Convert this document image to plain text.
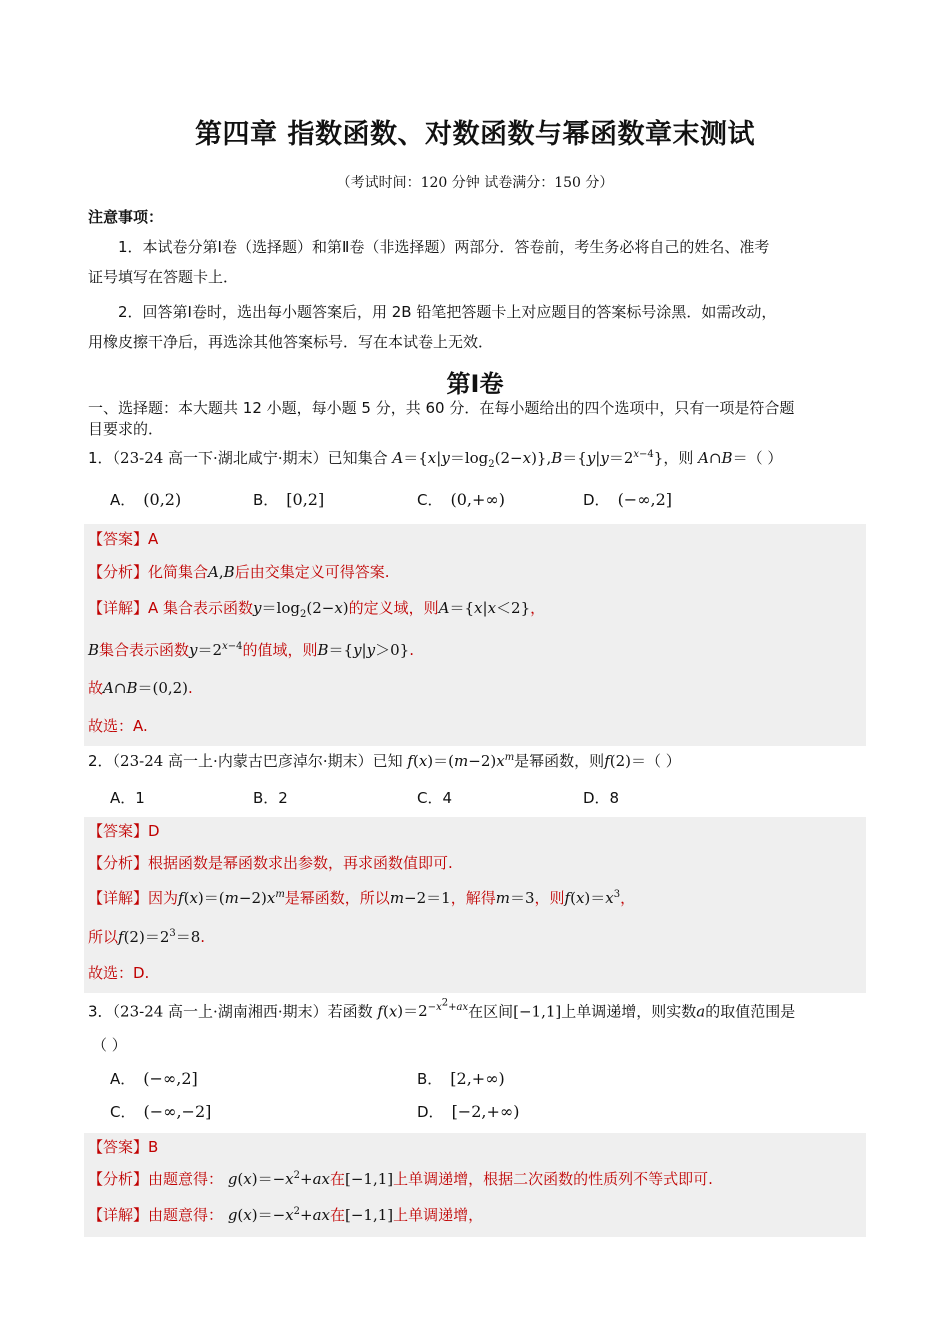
第四章 指数函数、对数函数与幂函数章末测试
（考试时间：120 分钟 试卷满分：150 分）
注意事项：
1．本试卷分第Ⅰ卷（选择题）和第Ⅱ卷（非选择题）两部分．答卷前，考生务必将自己的姓名、准考
证号填写在答题卡上．
2．回答第Ⅰ卷时，选出每小题答案后，用 2B 铅笔把答题卡上对应题目的答案标号涂黑．如需改动，
用橡皮擦干净后，再选涂其他答案标号．写在本试卷上无效．
第Ⅰ卷
一、选择题：本大题共 12 小题，每小题 5 分，共 60 分．在每小题给出的四个选项中，只有一项是符合题
目要求的．
1．（23-24 高一下·湖北咸宁·期末）已知集合 $A=\{x|y=\log_2(2-x)\},B=\{y|y=2^{x-4}\}$，则 A∩B＝（ ）
A． (0,2)	B． [0,2]	C． (0,+∞)	D． (−∞,2]
【答案】A
【分析】化简集合A,B后由交集定义可得答案.
【详解】A 集合表示函数$y=\log_2(2-x)$的定义域，则A＝{x|x＜2}，
B集合表示函数$y=2^{x-4}$的值域，则B＝{y|y＞0}.
故A∩B＝(0,2).
故选：A.
2．（23-24 高一上·内蒙古巴彦淖尔·期末）已知 $f(x)=(m-2)x^m$是幂函数，则f(2)＝（ ）
A．1	B．2	C．4	D．8
【答案】D
【分析】根据函数是幂函数求出参数，再求函数值即可.
【详解】因为$f(x)=(m-2)x^m$是幂函数，所以m−2＝1，解得m＝3，则$f(x)=x^3$，
所以$f(2)=2^3=8$.
故选：D.
3．（23-24 高一上·湖南湘西·期末）若函数 $f(x)=2^{-x^2+ax}$在区间[−1,1]上单调递增，则实数a的取值范围是
（ ）
A． (−∞,2]	B． [2,+∞)
C． (−∞,−2]	D． [−2,+∞)
【答案】B
【分析】由题意得： $g(x)=-x^2+ax$在[−1,1]上单调递增，根据二次函数的性质列不等式即可.
【详解】由题意得： $g(x)=-x^2+ax$在[−1,1]上单调递增，
